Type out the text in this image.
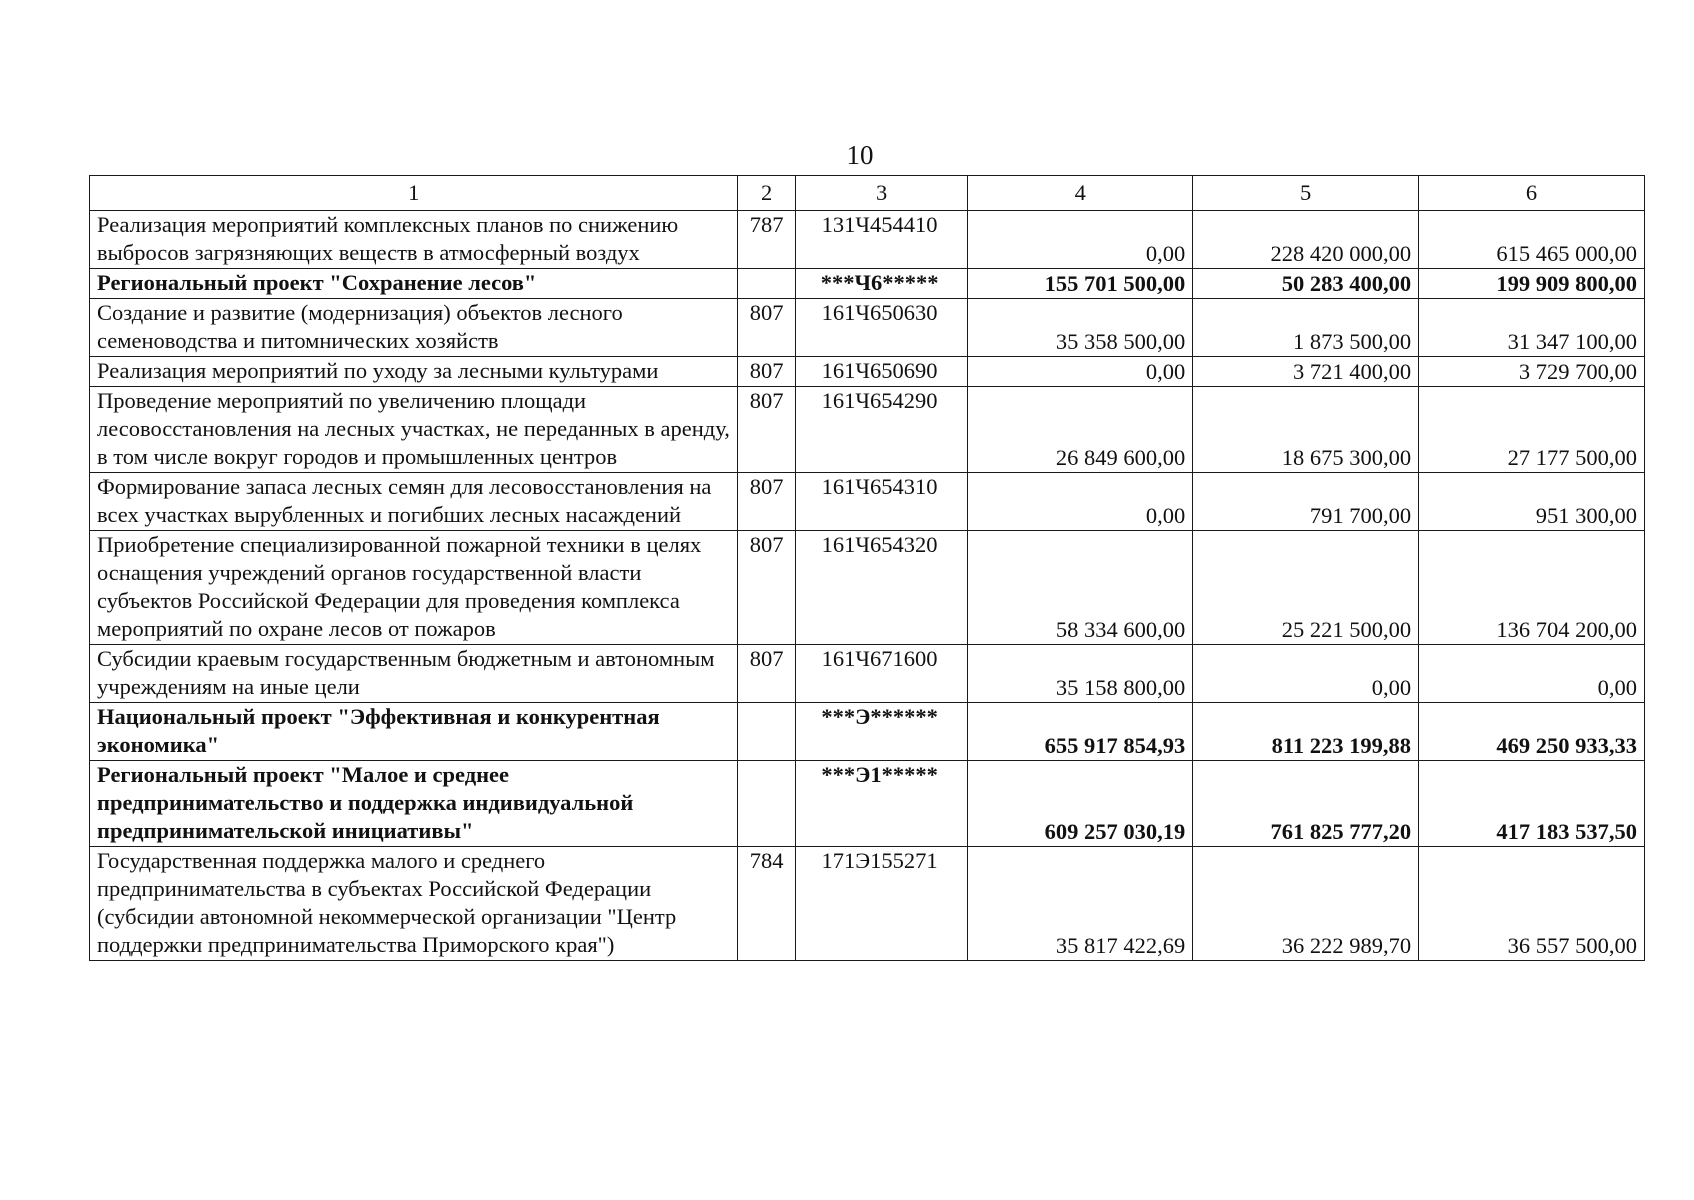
10
1	2	3	4	5	6
Реализация мероприятий комплексных планов по снижению выбросов загрязняющих веществ в атмосферный воздух	787	131Ч454410	0,00	228 420 000,00	615 465 000,00
Региональный проект "Сохранение лесов"		***Ч6*****	155 701 500,00	50 283 400,00	199 909 800,00
Создание и развитие (модернизация) объектов лесного семеноводства и питомнических хозяйств	807	161Ч650630	35 358 500,00	1 873 500,00	31 347 100,00
Реализация мероприятий по уходу за лесными культурами	807	161Ч650690	0,00	3 721 400,00	3 729 700,00
Проведение мероприятий по увеличению площади лесовосстановления на лесных участках, не переданных в аренду, в том числе вокруг городов и промышленных центров	807	161Ч654290	26 849 600,00	18 675 300,00	27 177 500,00
Формирование запаса лесных семян для лесовосстановления на всех участках вырубленных и погибших лесных насаждений	807	161Ч654310	0,00	791 700,00	951 300,00
Приобретение специализированной пожарной техники в целях оснащения учреждений органов государственной власти субъектов Российской Федерации для проведения комплекса мероприятий по охране лесов от пожаров	807	161Ч654320	58 334 600,00	25 221 500,00	136 704 200,00
Субсидии краевым государственным бюджетным и автономным учреждениям на иные цели	807	161Ч671600	35 158 800,00	0,00	0,00
Национальный проект "Эффективная и конкурентная экономика"		***Э******	655 917 854,93	811 223 199,88	469 250 933,33
Региональный проект "Малое и среднее предпринимательство и поддержка индивидуальной предпринимательской инициативы"		***Э1*****	609 257 030,19	761 825 777,20	417 183 537,50
Государственная поддержка малого и среднего предпринимательства в субъектах Российской Федерации (субсидии автономной некоммерческой организации "Центр поддержки предпринимательства Приморского края")	784	171Э155271	35 817 422,69	36 222 989,70	36 557 500,00
